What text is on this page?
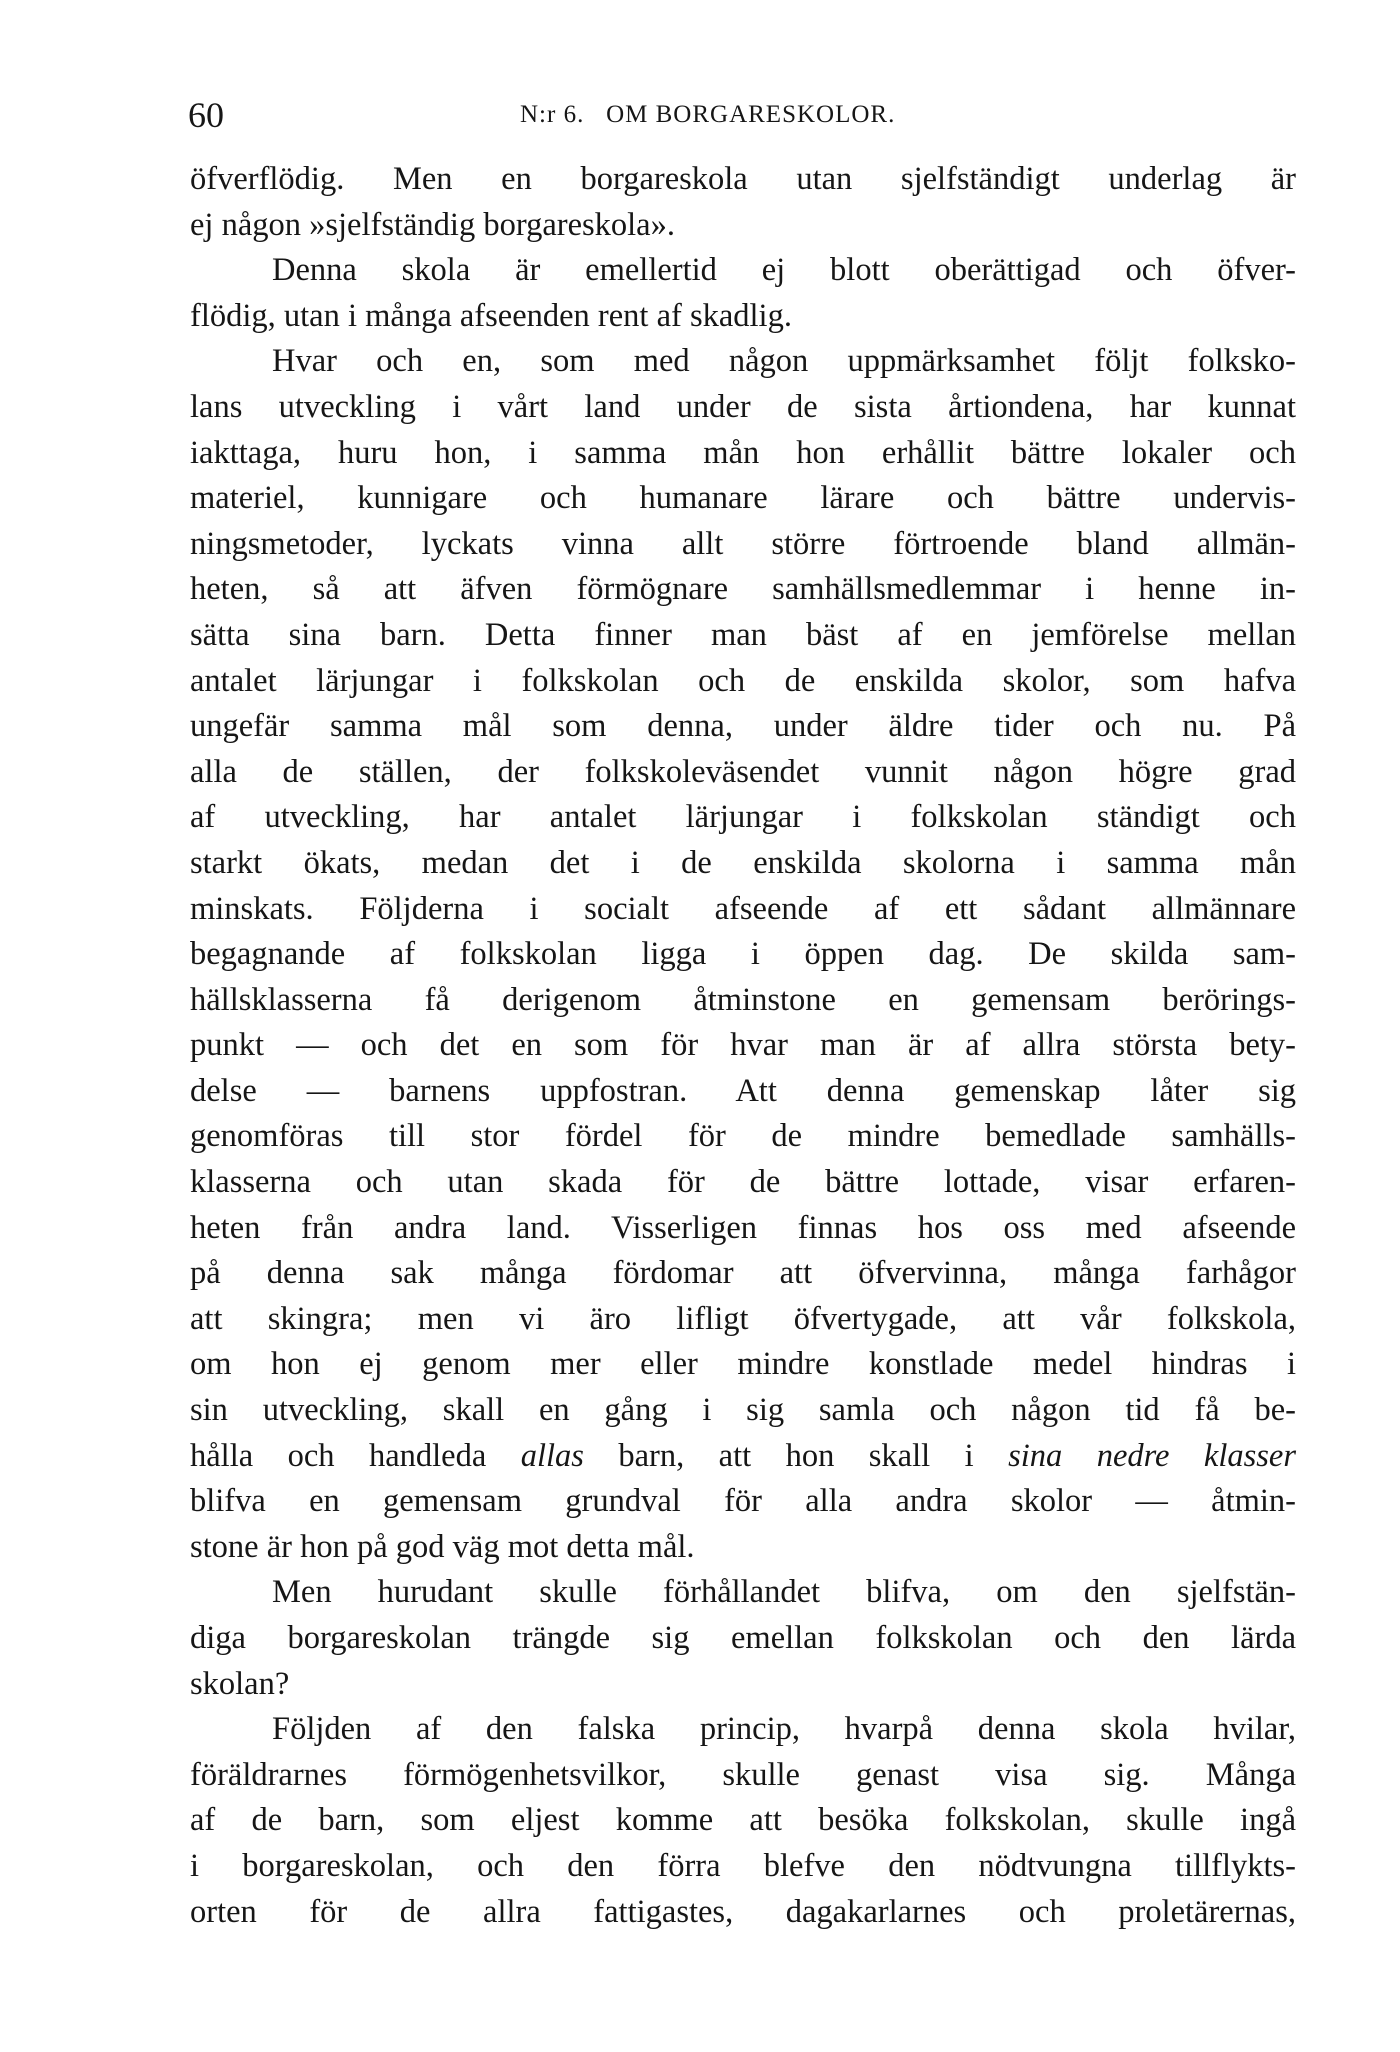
60	N:r 6.   OM BORGARESKOLOR.
öfverflödig. Men en borgareskola utan sjelfständigt underlag är
ej någon »sjelfständig borgareskola».
Denna skola är emellertid ej blott oberättigad och öfver-
flödig, utan i många afseenden rent af skadlig.
Hvar och en, som med någon uppmärksamhet följt folksko-
lans utveckling i vårt land under de sista årtiondena, har kunnat
iakttaga, huru hon, i samma mån hon erhållit bättre lokaler och
materiel, kunnigare och humanare lärare och bättre undervis-
ningsmetoder, lyckats vinna allt större förtroende bland allmän-
heten, så att äfven förmögnare samhällsmedlemmar i henne in-
sätta sina barn. Detta finner man bäst af en jemförelse mellan
antalet lärjungar i folkskolan och de enskilda skolor, som hafva
ungefär samma mål som denna, under äldre tider och nu. På
alla de ställen, der folkskoleväsendet vunnit någon högre grad
af utveckling, har antalet lärjungar i folkskolan ständigt och
starkt ökats, medan det i de enskilda skolorna i samma mån
minskats. Följderna i socialt afseende af ett sådant allmännare
begagnande af folkskolan ligga i öppen dag. De skilda sam-
hällsklasserna få derigenom åtminstone en gemensam berörings-
punkt — och det en som för hvar man är af allra största bety-
delse — barnens uppfostran. Att denna gemenskap låter sig
genomföras till stor fördel för de mindre bemedlade samhälls-
klasserna och utan skada för de bättre lottade, visar erfaren-
heten från andra land. Visserligen finnas hos oss med afseende
på denna sak många fördomar att öfvervinna, många farhågor
att skingra; men vi äro lifligt öfvertygade, att vår folkskola,
om hon ej genom mer eller mindre konstlade medel hindras i
sin utveckling, skall en gång i sig samla och någon tid få be-
hålla och handleda allas barn, att hon skall i sina nedre klasser
blifva en gemensam grundval för alla andra skolor — åtmin-
stone är hon på god väg mot detta mål.
Men hurudant skulle förhållandet blifva, om den sjelfstän-
diga borgareskolan trängde sig emellan folkskolan och den lärda
skolan?
Följden af den falska princip, hvarpå denna skola hvilar,
föräldrarnes förmögenhetsvilkor, skulle genast visa sig. Många
af de barn, som eljest komme att besöka folkskolan, skulle ingå
i borgareskolan, och den förra blefve den nödtvungna tillflykts-
orten för de allra fattigastes, dagakarlarnes och proletärernas,
